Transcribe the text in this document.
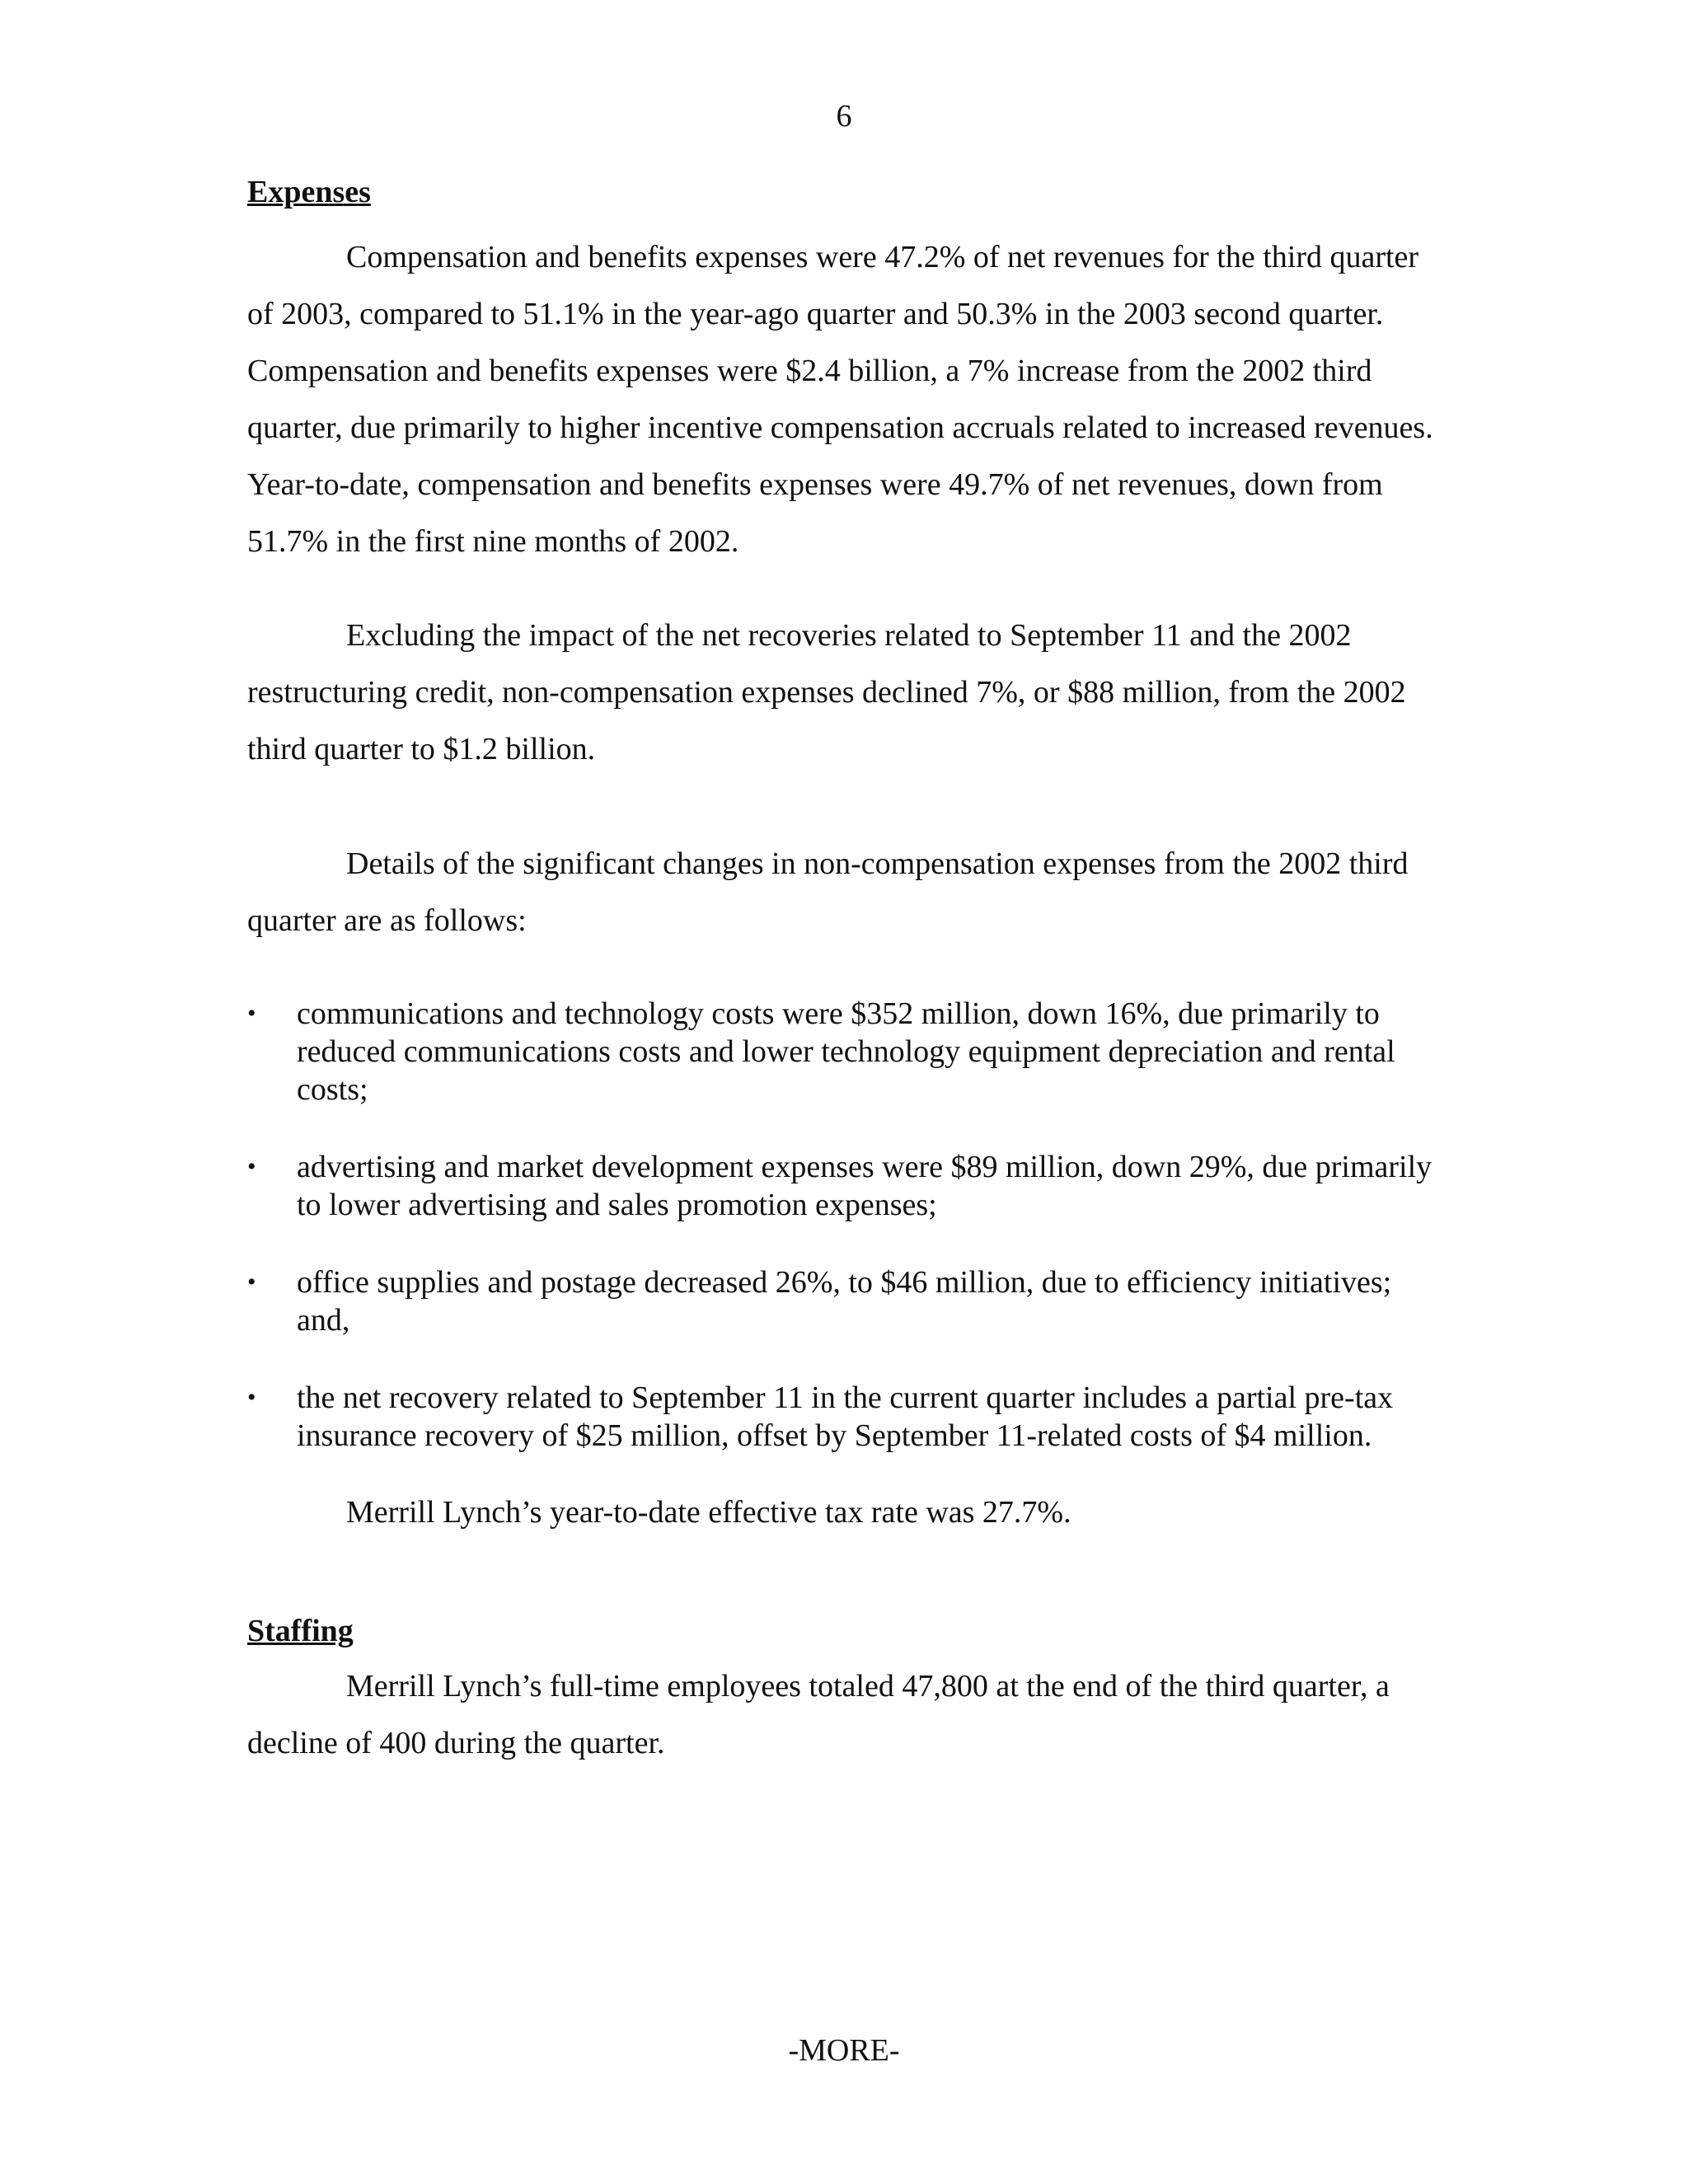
6
Expenses

Compensation and benefits expenses were 47.2% of net revenues for the third quarter of 2003, compared to 51.1% in the year-ago quarter and 50.3% in the 2003 second quarter. Compensation and benefits expenses were $2.4 billion, a 7% increase from the 2002 third quarter, due primarily to higher incentive compensation accruals related to increased revenues. Year-to-date, compensation and benefits expenses were 49.7% of net revenues, down from 51.7% in the first nine months of 2002.

Excluding the impact of the net recoveries related to September 11 and the 2002 restructuring credit, non-compensation expenses declined 7%, or $88 million, from the 2002 third quarter to $1.2 billion.

Details of the significant changes in non-compensation expenses from the 2002 third quarter are as follows:

• communications and technology costs were $352 million, down 16%, due primarily to reduced communications costs and lower technology equipment depreciation and rental costs;
• advertising and market development expenses were $89 million, down 29%, due primarily to lower advertising and sales promotion expenses;
• office supplies and postage decreased 26%, to $46 million, due to efficiency initiatives; and,
• the net recovery related to September 11 in the current quarter includes a partial pre-tax insurance recovery of $25 million, offset by September 11-related costs of $4 million.

Merrill Lynch’s year-to-date effective tax rate was 27.7%.

Staffing

Merrill Lynch’s full-time employees totaled 47,800 at the end of the third quarter, a decline of 400 during the quarter.

-MORE-
